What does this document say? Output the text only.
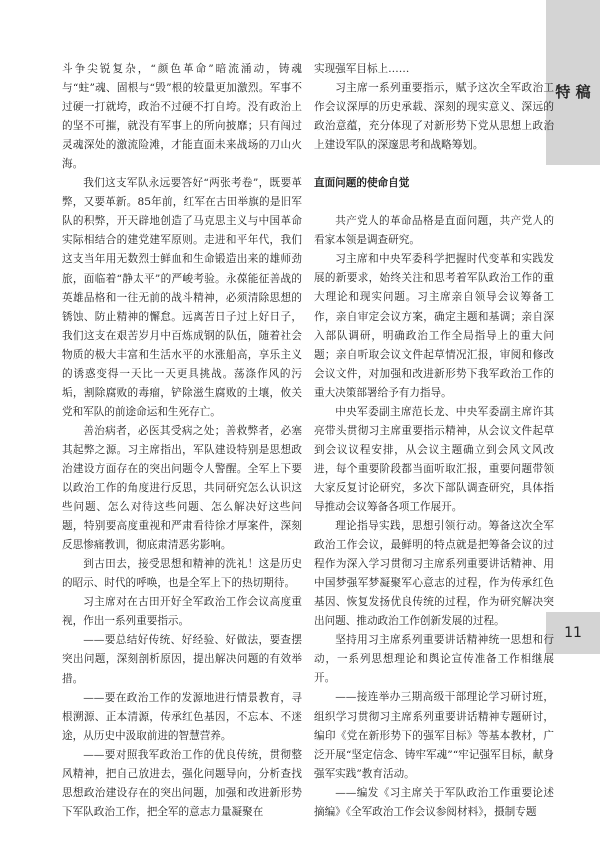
特 稿
11

斗争尖锐复杂，“颜色革命”暗流涌动，铸魂与“蛀”魂、固根与“毁”根的较量更加激烈。军事不过硬一打就垮，政治不过硬不打自垮。没有政治上的坚不可摧，就没有军事上的所向披靡；只有闯过灵魂深处的激流险滩，才能直面未来战场的刀山火海。

我们这支军队永远要答好“两张考卷”，既要革弊，又要革新。85年前，红军在古田举旗的是旧军队的积弊，开天辟地创造了马克思主义与中国革命实际相结合的建党建军原则。走进和平年代，我们这支当年用无数烈士鲜血和生命锻造出来的雄师劲旅，面临着“静太平”的严峻考验。永葆能征善战的英雄品格和一往无前的战斗精神，必须清除思想的锈蚀、防止精神的懈怠。远离苦日子过上好日子，我们这支在艰苦岁月中百炼成钢的队伍，随着社会物质的极大丰富和生活水平的水涨船高，享乐主义的诱惑变得一天比一天更具挑战。荡涤作风的污垢，割除腐败的毒瘤，铲除滋生腐败的土壤，攸关党和军队的前途命运和生死存亡。

善治病者，必医其受病之处；善救弊者，必塞其起弊之源。习主席指出，军队建设特别是思想政治建设方面存在的突出问题令人警醒。全军上下要以政治工作的角度进行反思，共同研究怎么认识这些问题、怎么对待这些问题、怎么解决好这些问题，特别要高度重视和严肃看待徐才厚案件，深刻反思惨痛教训，彻底肃清恶劣影响。

到古田去，接受思想和精神的洗礼！这是历史的昭示、时代的呼唤，也是全军上下的热切期待。

习主席对在古田开好全军政治工作会议高度重视，作出一系列重要指示。

——要总结好传统、好经验、好做法，要查摆突出问题，深刻剖析原因，提出解决问题的有效举措。

——要在政治工作的发源地进行情景教育，寻根溯源、正本清源，传承红色基因，不忘本、不迷途，从历史中汲取前进的智慧营养。

——要对照我军政治工作的优良传统，贯彻整风精神，把自己放进去，强化问题导向，分析查找思想政治建设存在的突出问题，加强和改进新形势下军队政治工作，把全军的意志力量凝聚在

实现强军目标上……

习主席一系列重要指示，赋予这次全军政治工作会议深厚的历史承载、深刻的现实意义、深远的政治意蕴，充分体现了对新形势下党从思想上政治上建设军队的深邃思考和战略筹划。

直面问题的使命自觉

共产党人的革命品格是直面问题，共产党人的看家本领是调查研究。

习主席和中央军委科学把握时代变革和实践发展的新要求，始终关注和思考着军队政治工作的重大理论和现实问题。习主席亲自领导会议筹备工作，亲自审定会议方案，确定主题和基调；亲自深入部队调研，明确政治工作全局指导上的重大问题；亲自听取会议文件起草情况汇报，审阅和修改会议文件，对加强和改进新形势下我军政治工作的重大决策部署给予有力指导。

中央军委副主席范长龙、中央军委副主席许其亮带头贯彻习主席重要指示精神，从会议文件起草到会议议程安排，从会议主题确立到会风文风改进，每个重要阶段都当面听取汇报，重要问题带领大家反复讨论研究，多次下部队调查研究，具体指导推动会议筹备各项工作展开。

理论指导实践，思想引领行动。筹备这次全军政治工作会议，最鲜明的特点就是把筹备会议的过程作为深入学习贯彻习主席系列重要讲话精神、用中国梦强军梦凝聚军心意志的过程，作为传承红色基因、恢复发扬优良传统的过程，作为研究解决突出问题、推动政治工作创新发展的过程。

坚持用习主席系列重要讲话精神统一思想和行动，一系列思想理论和舆论宣传准备工作相继展开。

——接连举办三期高级干部理论学习研讨班，组织学习贯彻习主席系列重要讲话精神专题研讨，编印《党在新形势下的强军目标》等基本教材，广泛开展“坚定信念、铸牢军魂”“牢记强军目标，献身强军实践”教育活动。

——编发《习主席关于军队政治工作重要论述摘编》《全军政治工作会议参阅材料》，摄制专题
